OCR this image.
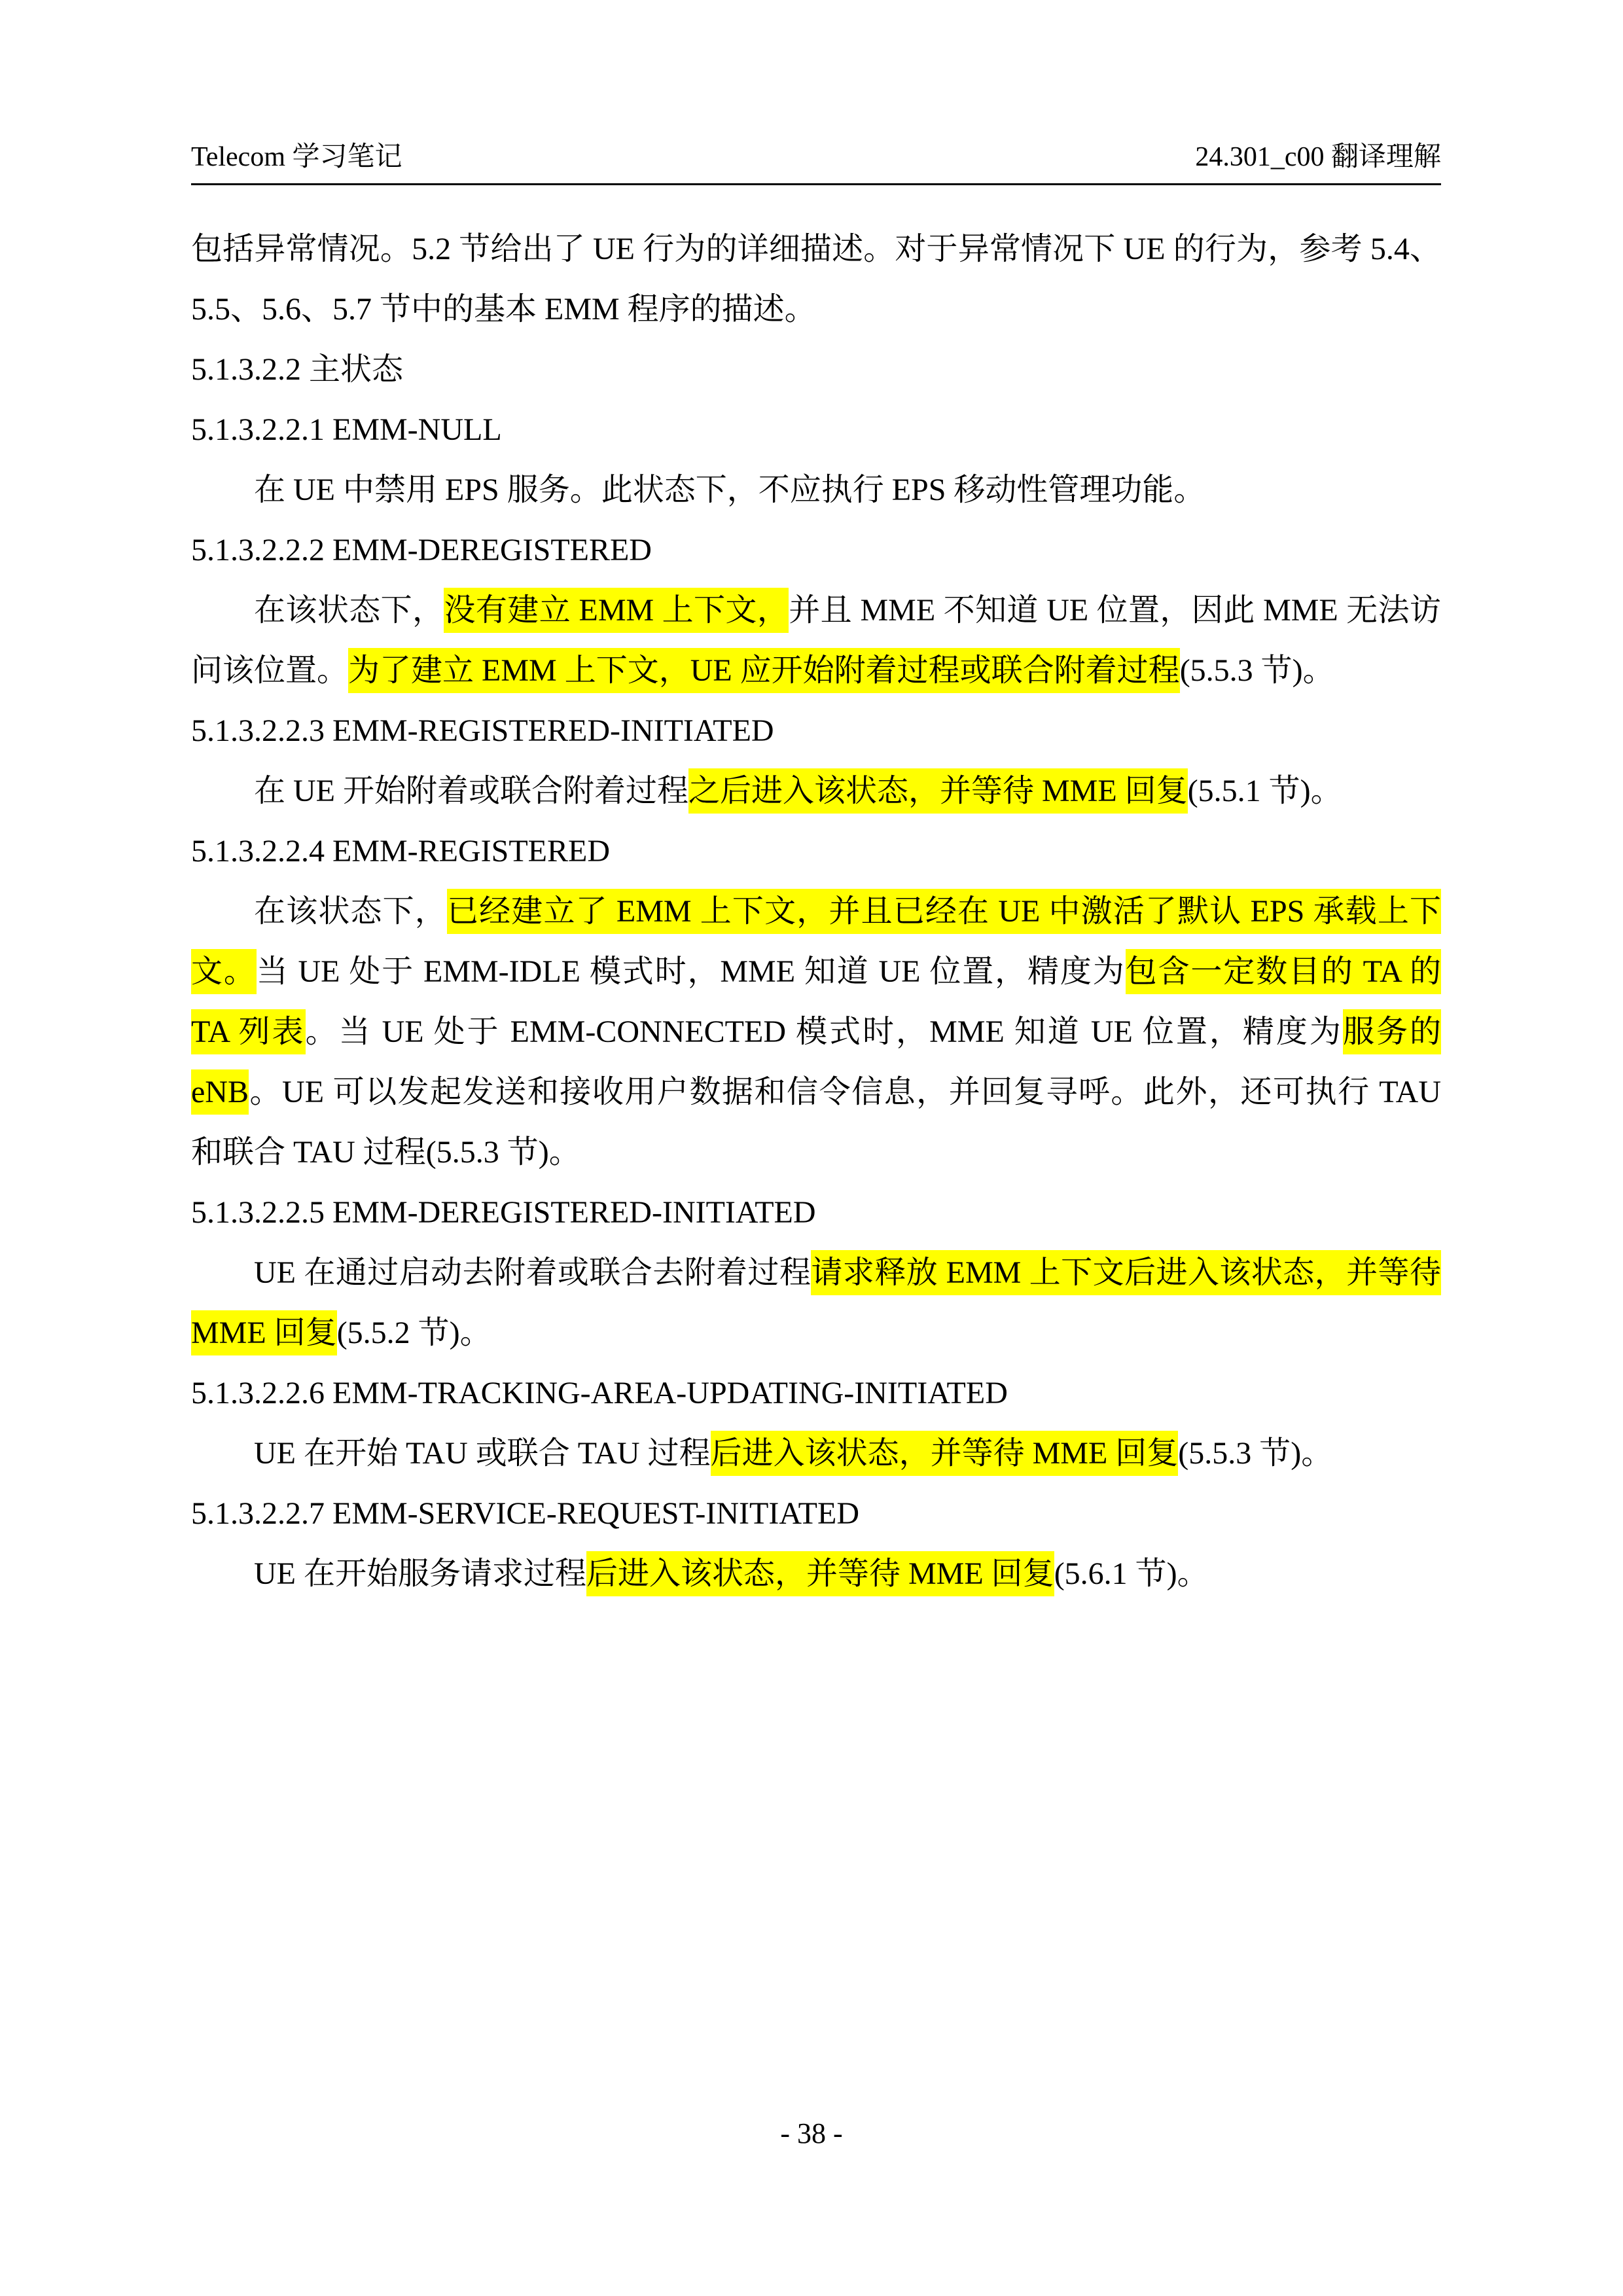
Telecom 学习笔记	24.301_c00 翻译理解

包括异常情况。5.2 节给出了 UE 行为的详细描述。对于异常情况下 UE 的行为，参考 5.4、5.5、5.6、5.7 节中的基本 EMM 程序的描述。

5.1.3.2.2 主状态

5.1.3.2.2.1 EMM-NULL

在 UE 中禁用 EPS 服务。此状态下，不应执行 EPS 移动性管理功能。

5.1.3.2.2.2 EMM-DEREGISTERED

在该状态下，没有建立 EMM 上下文，并且 MME 不知道 UE 位置，因此 MME 无法访问该位置。为了建立 EMM 上下文，UE 应开始附着过程或联合附着过程(5.5.3 节)。

5.1.3.2.2.3 EMM-REGISTERED-INITIATED

在 UE 开始附着或联合附着过程之后进入该状态，并等待 MME 回复(5.5.1 节)。

5.1.3.2.2.4 EMM-REGISTERED

在该状态下，已经建立了 EMM 上下文，并且已经在 UE 中激活了默认 EPS 承载上下文。当 UE 处于 EMM-IDLE 模式时，MME 知道 UE 位置，精度为包含一定数目的 TA 的 TA 列表。当 UE 处于 EMM-CONNECTED 模式时，MME 知道 UE 位置，精度为服务的 eNB。UE 可以发起发送和接收用户数据和信令信息，并回复寻呼。此外，还可执行 TAU 和联合 TAU 过程(5.5.3 节)。

5.1.3.2.2.5 EMM-DEREGISTERED-INITIATED

UE 在通过启动去附着或联合去附着过程请求释放 EMM 上下文后进入该状态，并等待 MME 回复(5.5.2 节)。

5.1.3.2.2.6 EMM-TRACKING-AREA-UPDATING-INITIATED

UE 在开始 TAU 或联合 TAU 过程后进入该状态，并等待 MME 回复(5.5.3 节)。

5.1.3.2.2.7 EMM-SERVICE-REQUEST-INITIATED

UE 在开始服务请求过程后进入该状态，并等待 MME 回复(5.6.1 节)。

- 38 -
